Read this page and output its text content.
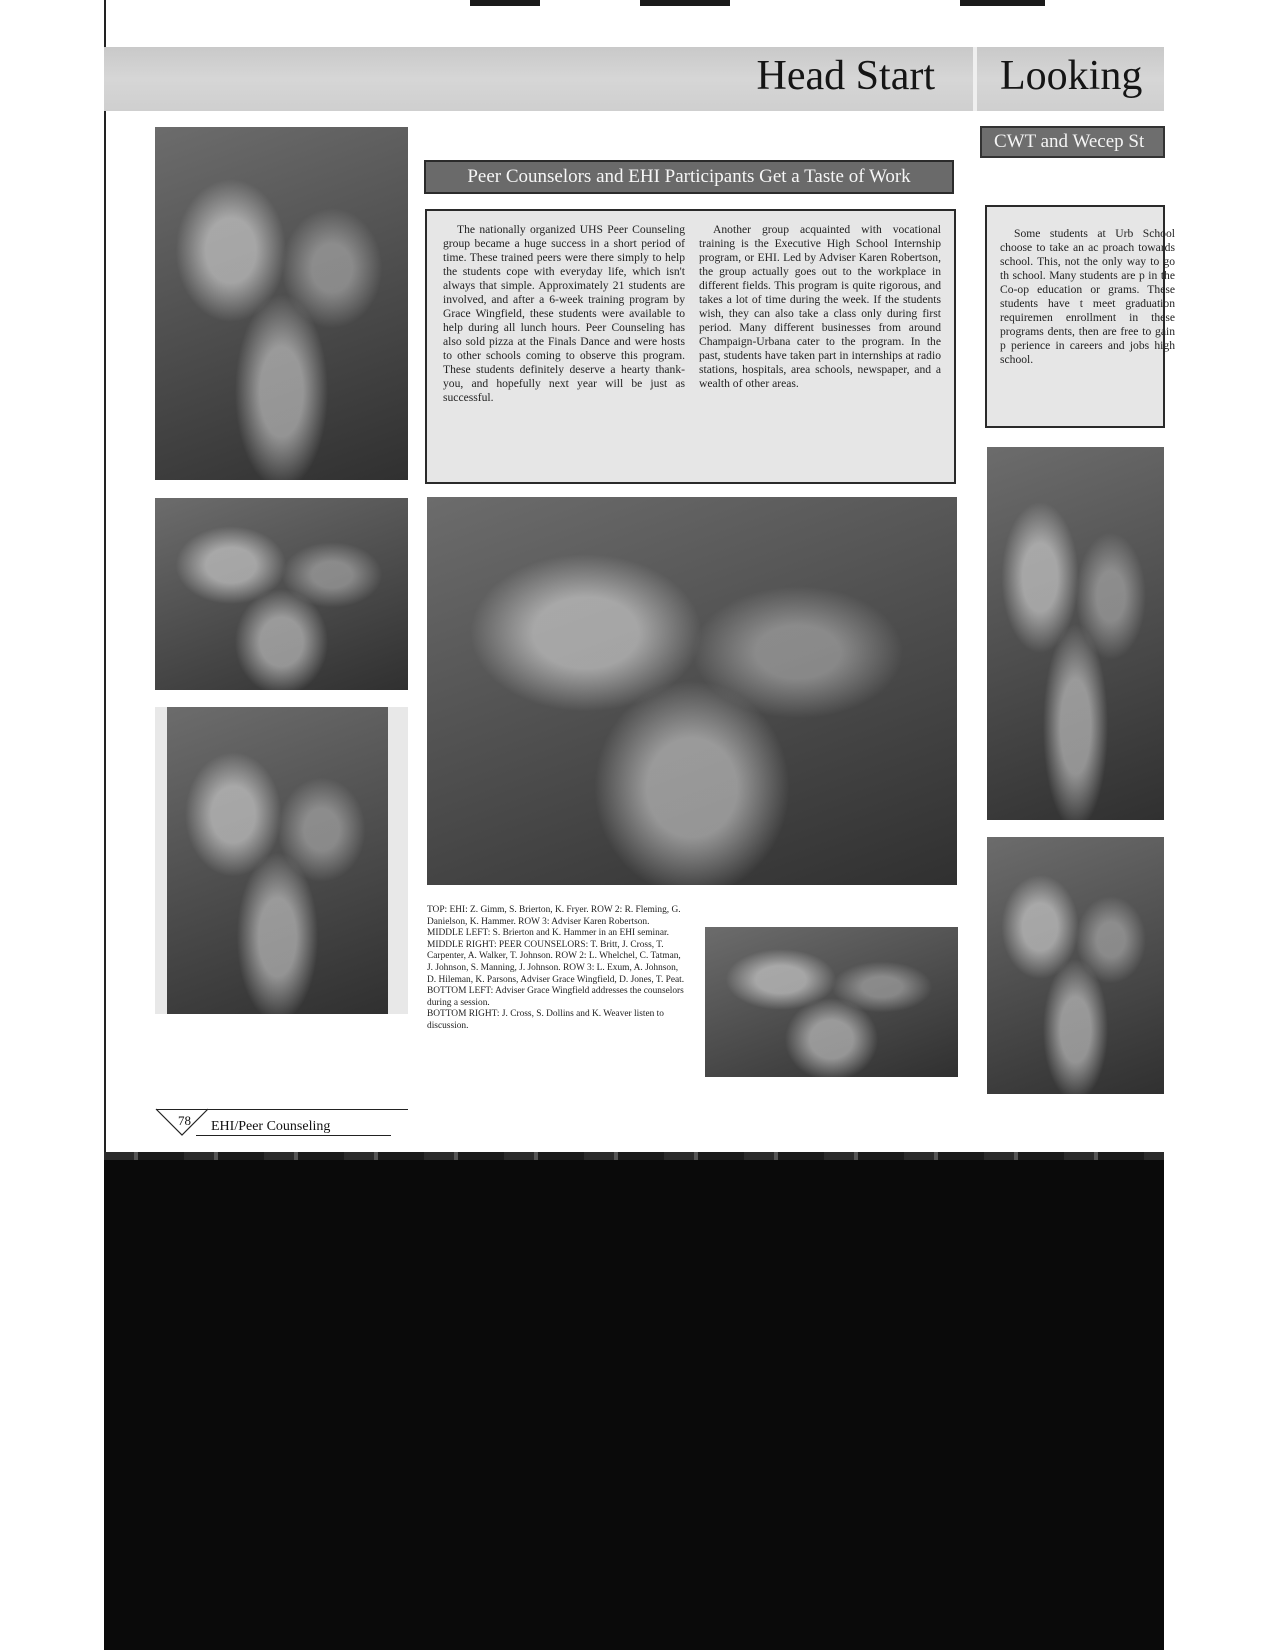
Head Start Looking
CWT and Wecep St
Peer Counselors and EHI Participants Get a Taste of Work
The nationally organized UHS Peer Counseling group became a huge success in a short period of time. These trained peers were there simply to help the students cope with everyday life, which isn't always that simple. Approximately 21 students are involved, and after a 6-week training program by Grace Wingfield, these students were available to help during all lunch hours. Peer Counseling has also sold pizza at the Finals Dance and were hosts to other schools coming to observe this program. These students definitely deserve a hearty thank-you, and hopefully next year will be just as successful.
Another group acquainted with vocational training is the Executive High School Internship program, or EHI. Led by Adviser Karen Robertson, the group actually goes out to the workplace in different fields. This program is quite rigorous, and takes a lot of time during the week. If the students wish, they can also take a class only during first period. Many different businesses from around Champaign-Urbana cater to the program. In the past, students have taken part in internships at radio stations, hospitals, area schools, newspaper, and a wealth of other areas.
Some students at Urb School choose to take an ac proach towards school. This, not the only way to go th school. Many students are p in the Co-op education or grams. These students have t meet graduation requiremen enrollment in these programs dents, then are free to gain p perience in careers and jobs high school.

TOP: EHI: Z. Gimm, S. Brierton, K. Fryer. ROW 2: R. Fleming, G. Danielson, K. Hammer. ROW 3: Adviser Karen Robertson.

MIDDLE LEFT: S. Brierton and K. Hammer in an EHI seminar.

MIDDLE RIGHT: PEER COUNSELORS: T. Britt, J. Cross, T. Carpenter, A. Walker, T. Johnson. ROW 2: L. Whelchel, C. Tatman, J. Johnson, S. Manning, J. Johnson. ROW 3: L. Exum, A. Johnson, D. Hileman, K. Parsons, Adviser Grace Wingfield, D. Jones, T. Peat.

BOTTOM LEFT: Adviser Grace Wingfield addresses the counselors during a session.

BOTTOM RIGHT: J. Cross, S. Dollins and K. Weaver listen to discussion.

78 EHI/Peer Counseling
